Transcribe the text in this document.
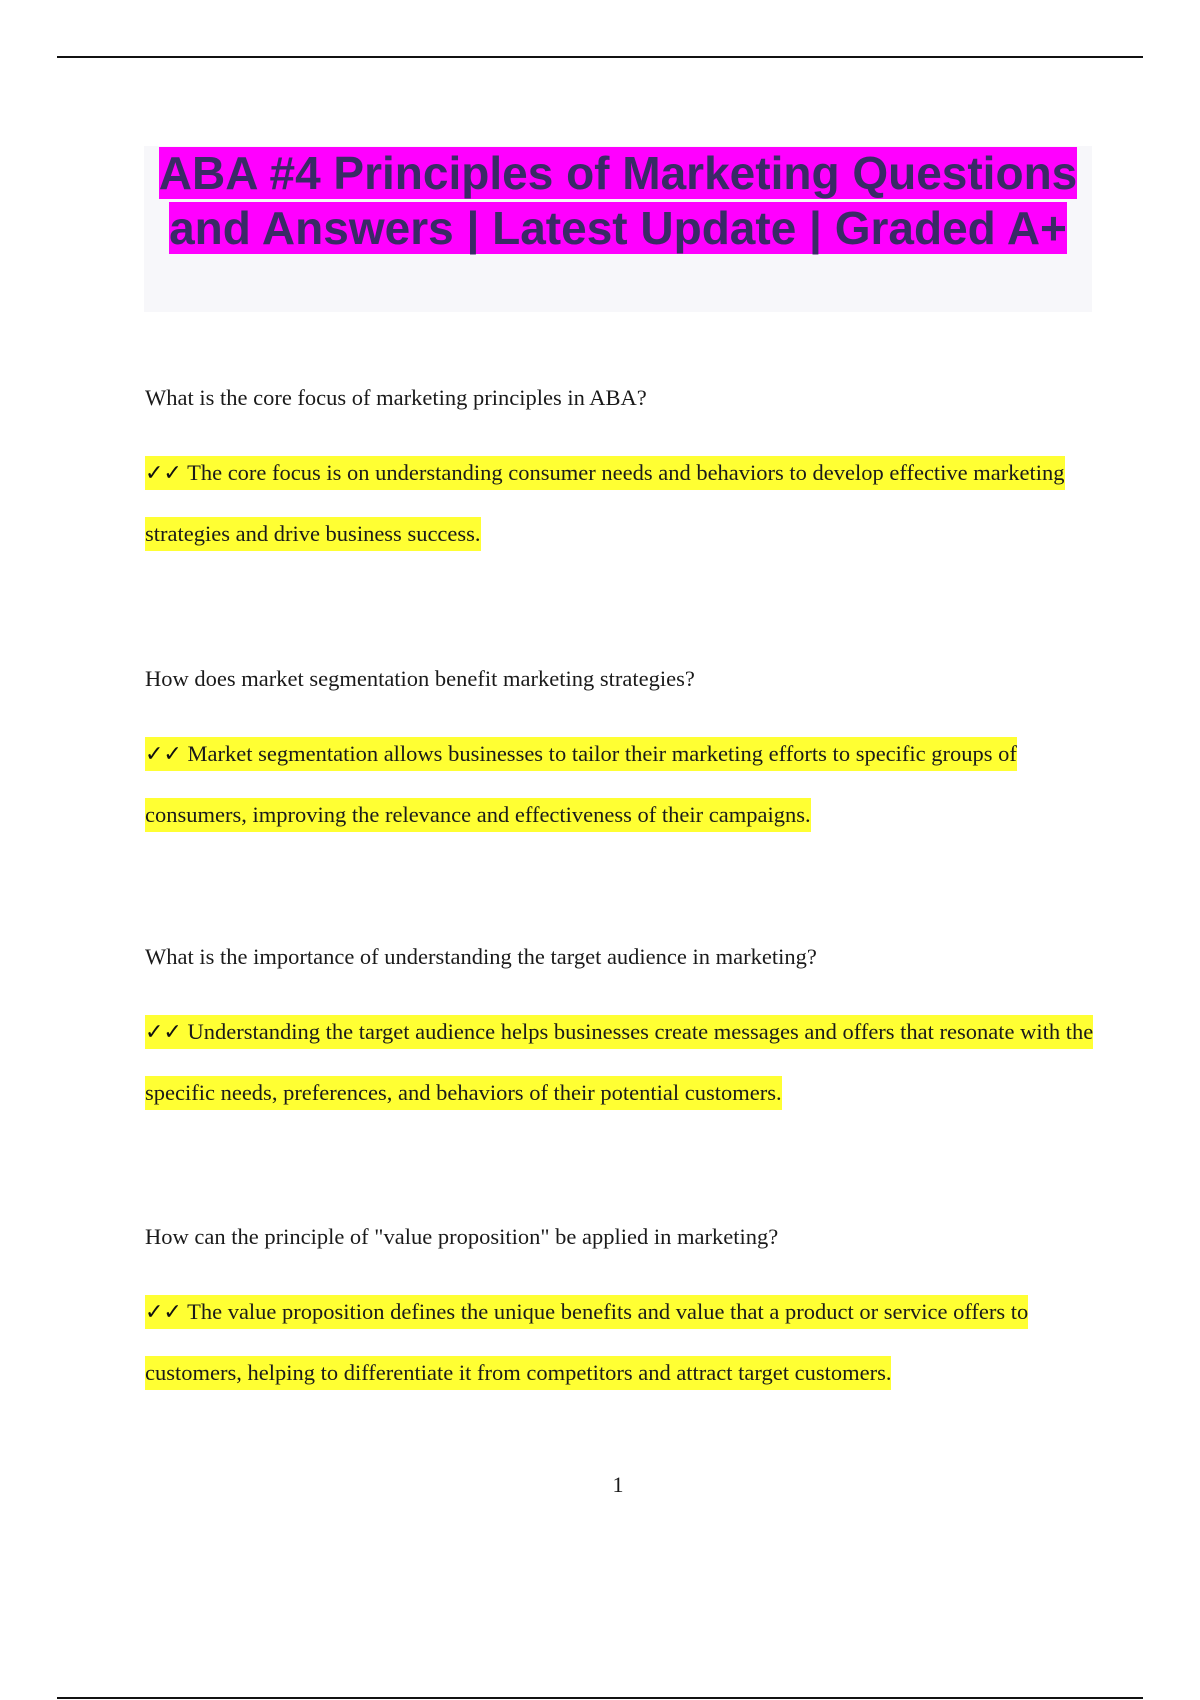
ABA #4 Principles of Marketing Questions and Answers | Latest Update | Graded A+

What is the core focus of marketing principles in ABA?

✓✓ The core focus is on understanding consumer needs and behaviors to develop effective marketing strategies and drive business success.

How does market segmentation benefit marketing strategies?

✓✓ Market segmentation allows businesses to tailor their marketing efforts to specific groups of consumers, improving the relevance and effectiveness of their campaigns.

What is the importance of understanding the target audience in marketing?

✓✓ Understanding the target audience helps businesses create messages and offers that resonate with the specific needs, preferences, and behaviors of their potential customers.

How can the principle of "value proposition" be applied in marketing?

✓✓ The value proposition defines the unique benefits and value that a product or service offers to customers, helping to differentiate it from competitors and attract target customers.

1
